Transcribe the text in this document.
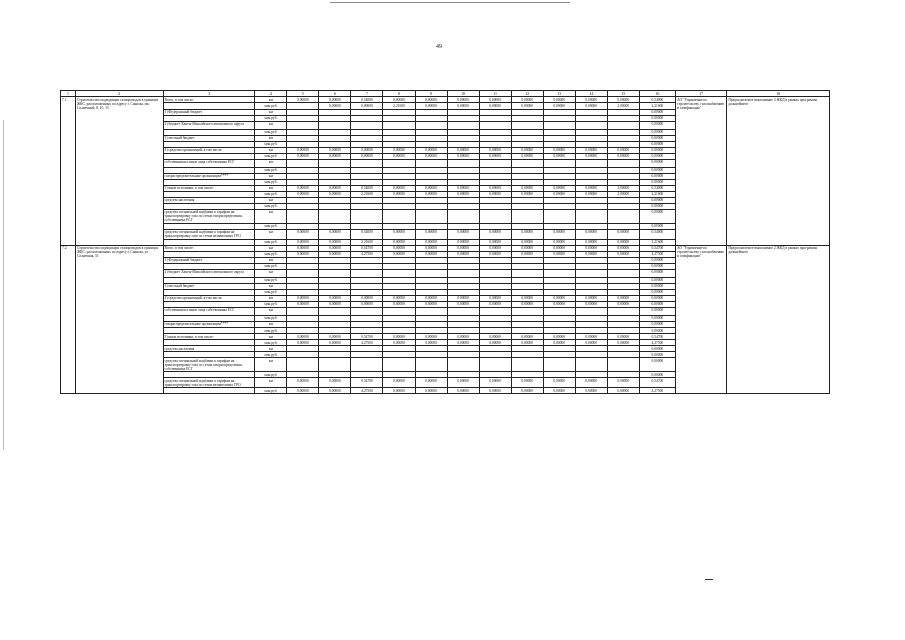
49
1	2	3	4	5	6	7	8	9	10	11	12	13	14	15	16	17	18
7.1.	Строительство подводящих газопроводов в границах ЖКС, расположенных по адресу г. Саянска, мк. Солнечный, 8, 10, 15	Всего, в том числе:	км	0,00000	0,00000	0,54000	0,00000	0,00000	0,00000	0,00000	0,00000	0,00000	0,00000	0,00000	0,54000	АО "Управление по строительству, газоснабжению и газификации"	Предполагаемое выполнение 3 ЖКД в рамках программы дальнейшего
			млн.руб.		0,00000	0,00000	2,21600	0,00000	0,00000	0,00000	0,00000	0,00000	0,00000	2,00000	2,21600		
		1) Федеральный бюджет	км												0,00000		
			млн.руб.												0,00000		
		2) бюджет Ханты-Мансийского автономного округа	км												0,00000		
			млн.руб.												0,00000		
		3) местный бюджет	км												0,00000		
			млн.руб.												0,00000		
		4) средства организаций, в том числе:	км	0,00000	0,00000	0,00000	0,00000	0,00000	0,00000	0,00000	0,00000	0,00000	0,00000	0,00000	0,00000		
			млн.руб.	0,00000	0,00000	0,00000	0,00000	0,00000	0,00000	0,00000	0,00000	0,00000	0,00000	0,00000	0,00000		
		собственники и иные лица собственника ЕСГ	км												0,00000		
			млн.руб.												0,00000		
		газораспределительные организации****	км												0,00000		
			млн.руб.												0,00000		
		5) иные источники, в том числе:	км	0,00000	0,00000	0,54000	0,00000	0,00000	0,00000	0,00000	0,00000	0,00000	0,00000	2,00000	0,54000		
			млн.руб.	0,00000	0,00000	2,21600	0,00000	0,00000	0,00000	0,00000	0,00000	0,00000	0,00000	2,00000	2,21600		
		средства населения	км												0,00000		
			млн.руб.												0,00000		
		средства специальной надбавки к тарифам на транспортировку газа по сетям газораспределения, собственника ЕСГ	км												0,00000		
			млн.руб.												0,00000		
		средства специальной надбавки к тарифам на транспортировку газа по сетям независимых ГРО	км	0,00000	0,00000	0,54000	0,00000	0,00000	0,00000	0,00000	0,00000	0,00000	0,00000	0,00000	0,54000		
			млн.руб.	0,00000	0,00000	2,21600	0,00000	0,00000	0,00000	0,00000	0,00000	0,00000	0,00000	0,00000	2,21600		
7.2.	Строительство подводящих газопроводов в границах ЖКС, расположенных по адресу г. Саянска, ул. Солнечная, 51	Всего, в том числе:	км	0,00000	0,00000	0,54700	0,00000	0,00000	0,00000	0,00000	0,00000	0,00000	0,00000	0,00000	0,54700	АО "Управление по строительству, газоснабжению и газификации"	Предполагаемое выполнение 2 ЖКД в рамках программы дальнейшего
			млн.руб.	0,00000	0,00000	4,27500	0,00000	0,00000	0,00000	0,00000	0,00000	0,00000	0,00000	0,00000	4,27500		
		1) Федеральный бюджет	км												0,00000		
			млн.руб.												0,00000		
		2) бюджет Ханты-Мансийского автономного округа	км												0,00000		
			млн.руб.												0,00000		
		3) местный бюджет	км												0,00000		
			млн.руб.												0,00000		
		4) средства организаций, в том числе:	км	0,00000	0,00000	0,00000	0,00000	0,00000	0,00000	0,00000	0,00000	0,00000	0,00000	0,00000	0,00000		
			млн.руб.	0,00000	0,00000	0,00000	0,00000	0,00000	0,00000	0,00000	0,00000	0,00000	0,00000	0,00000	0,00000		
		собственники и иные лица собственника ЕСГ	км												0,00000		
			млн.руб.												0,00000		
		газораспределительные организации****	км												0,00000		
			млн.руб.												0,00000		
		5) иные источники, в том числе:	км	0,00000	0,00000	0,54700	0,00000	0,00000	0,00000	0,00000	0,00000	0,00000	0,00000	0,00000	0,54700		
			млн.руб.	0,00000	0,00000	4,27500	0,00000	0,00000	0,00000	0,00000	0,00000	0,00000	0,00000	0,00000	4,27500		
		средства населения	км												0,00000		
			млн.руб.												0,00000		
		средства специальной надбавки к тарифам на транспортировку газа по сетям газораспределения, собственника ЕСГ	км												0,00000		
			млн.руб.												0,00000		
		средства специальной надбавки к тарифам на транспортировку газа по сетям независимых ГРО	км	0,00000	0,00000	0,54700	0,00000	0,00000	0,00000	0,00000	0,00000	0,00000	0,00000	0,00000	0,54700		
			млн.руб.	0,00000	0,00000	4,27500	0,00000	0,00000	0,00000	0,00000	0,00000	0,00000	0,00000	0,00000	4,27500		
